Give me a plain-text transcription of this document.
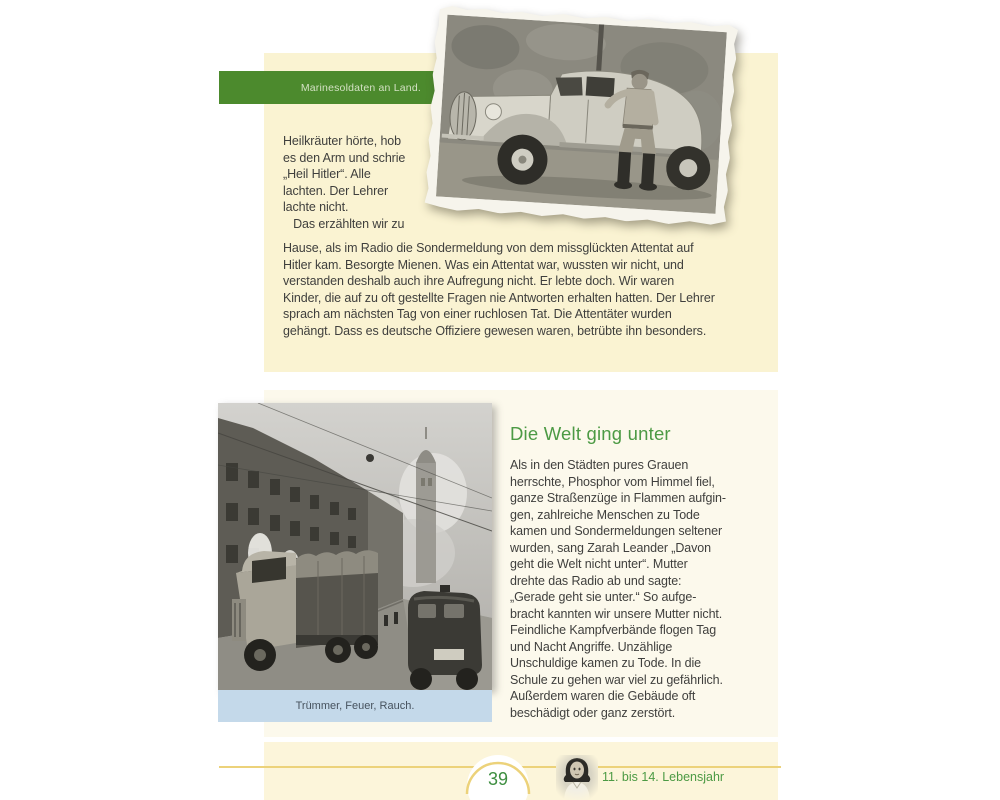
Marinesoldaten an Land.
Heilkräuter hörte, hob
es den Arm und schrie
„Heil Hitler“. Alle
lachten. Der Lehrer
lachte nicht.
Das erzählten wir zu
Hause, als im Radio die Sondermeldung von dem missglückten Attentat auf
Hitler kam. Besorgte Mienen. Was ein Attentat war, wussten wir nicht, und
verstanden deshalb auch ihre Aufregung nicht. Er lebte doch. Wir waren
Kinder, die auf zu oft gestellte Fragen nie Antworten erhalten hatten. Der Lehrer
sprach am nächsten Tag von einer ruchlosen Tat. Die Attentäter wurden
gehängt. Dass es deutsche Offiziere gewesen waren, betrübte ihn besonders.
Die Welt ging unter
Als in den Städten pures Grauen
herrschte, Phosphor vom Himmel fiel,
ganze Straßenzüge in Flammen aufgin-
gen, zahlreiche Menschen zu Tode
kamen und Sondermeldungen seltener
wurden, sang Zarah Leander „Davon
geht die Welt nicht unter“. Mutter
drehte das Radio ab und sagte:
„Gerade geht sie unter.“ So aufge-
bracht kannten wir unsere Mutter nicht.
Feindliche Kampfverbände flogen Tag
und Nacht Angriffe. Unzählige
Unschuldige kamen zu Tode. In die
Schule zu gehen war viel zu gefährlich.
Außerdem waren die Gebäude oft
beschädigt oder ganz zerstört.
Trümmer, Feuer, Rauch.
39	11. bis 14. Lebensjahr
